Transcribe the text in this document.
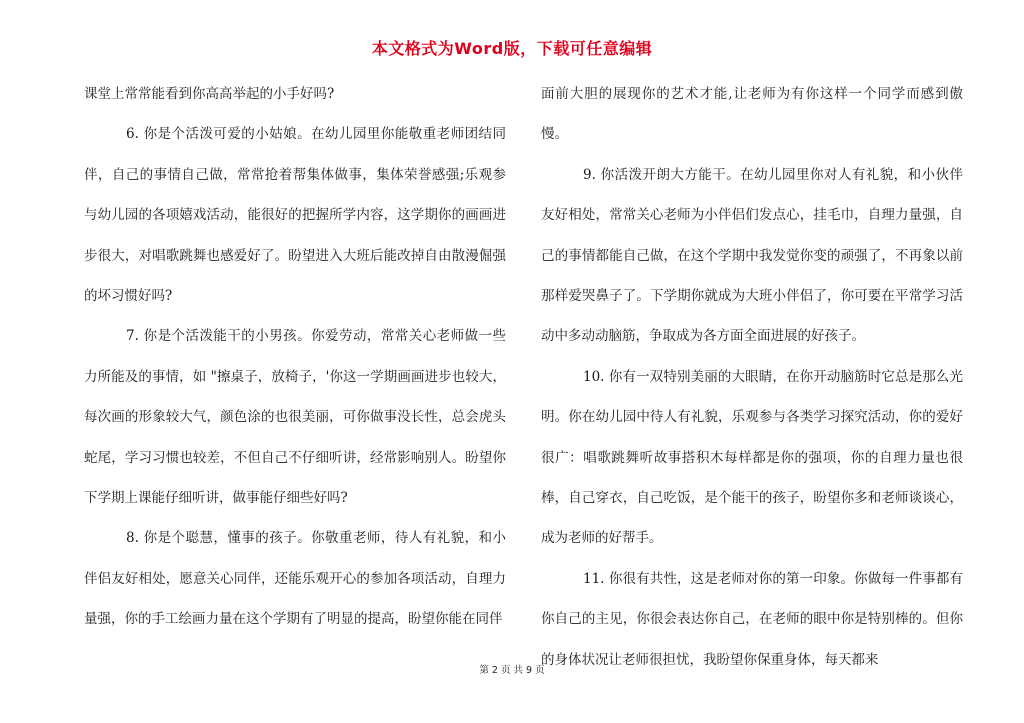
本文格式为Word版，下载可任意编辑

课堂上常常能看到你高高举起的小手好吗?

6. 你是个活泼可爱的小姑娘。在幼儿园里你能敬重老师团结同伴，自己的事情自己做，常常抢着帮集体做事，集体荣誉感强;乐观参与幼儿园的各项嬉戏活动，能很好的把握所学内容，这学期你的画画进步很大，对唱歌跳舞也感爱好了。盼望进入大班后能改掉自由散漫倔强的坏习惯好吗?

7. 你是个活泼能干的小男孩。你爱劳动，常常关心老师做一些力所能及的事情，如 "擦桌子，放椅子，'你这一学期画画进步也较大，每次画的形象较大气，颜色涂的也很美丽，可你做事没长性，总会虎头蛇尾，学习习惯也较差，不但自己不仔细听讲，经常影响别人。盼望你下学期上课能仔细听讲，做事能仔细些好吗?

8. 你是个聪慧，懂事的孩子。你敬重老师，待人有礼貌，和小伴侣友好相处，愿意关心同伴，还能乐观开心的参加各项活动，自理力量强，你的手工绘画力量在这个学期有了明显的提高，盼望你能在同伴

面前大胆的展现你的艺术才能,让老师为有你这样一个同学而感到傲慢。

9. 你活泼开朗大方能干。在幼儿园里你对人有礼貌，和小伙伴友好相处，常常关心老师为小伴侣们发点心，挂毛巾，自理力量强，自己的事情都能自己做，在这个学期中我发觉你变的顽强了，不再象以前那样爱哭鼻子了。下学期你就成为大班小伴侣了，你可要在平常学习活动中多动动脑筋，争取成为各方面全面进展的好孩子。

10. 你有一双特别美丽的大眼睛，在你开动脑筋时它总是那么光明。你在幼儿园中待人有礼貌，乐观参与各类学习探究活动，你的爱好很广：唱歌跳舞听故事搭积木每样都是你的强项，你的自理力量也很棒，自己穿衣，自己吃饭，是个能干的孩子，盼望你多和老师谈谈心，成为老师的好帮手。

11. 你很有共性，这是老师对你的第一印象。你做每一件事都有你自己的主见，你很会表达你自己，在老师的眼中你是特别棒的。但你的身体状况让老师很担忧，我盼望你保重身体，每天都来

第 2 页 共 9 页
